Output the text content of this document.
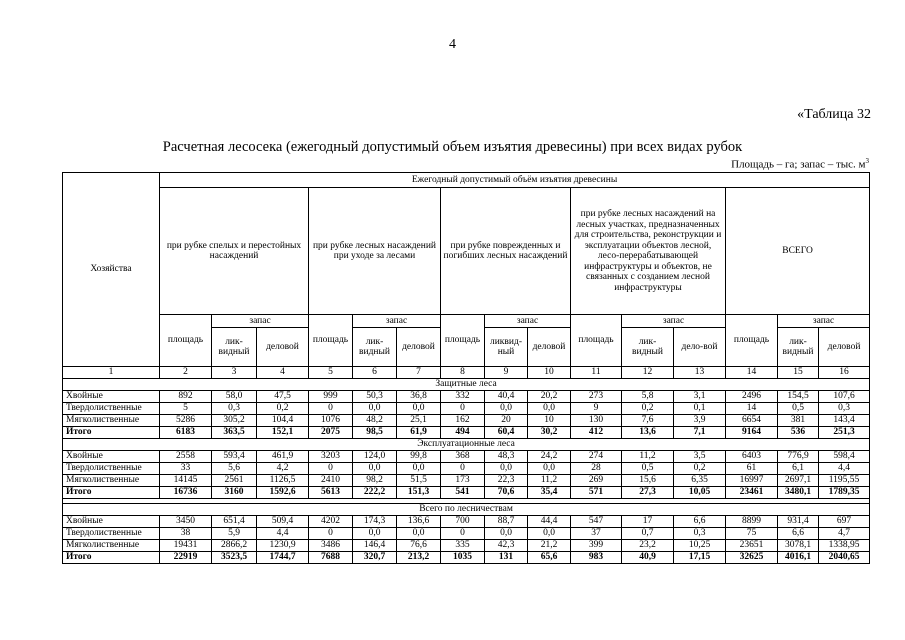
4
«Таблица 32
Расчетная лесосека (ежегодный допустимый объем изъятия древесины) при всех видах рубок
Площадь – га; запас – тыс. $м^3$
Хозяйства	Ежегодный допустимый объём изъятия древесины														
	при рубке спелых и перестойных насаждений			при рубке лесных насаждений при уходе за лесами			при рубке поврежденных и погибших лесных насаждений			при рубке лесных насаждений на лесных участках, предназначенных для строительства, реконструкции и эксплуатации объектов лесной, лесо-перерабатывающей инфраструктуры и объектов, не связанных с созданием лесной инфраструктуры			ВСЕГО		
	площадь	запас		площадь	запас		площадь	запас		площадь	запас		площадь	запас	
		лик-видный	деловой		лик-видный	деловой		ликвид-ный	деловой		лик-видный	дело-вой		лик-видный	деловой
1	2	3	4	5	6	7	8	9	10	11	12	13	14	15	16
Защитные леса															
Хвойные	892	58,0	47,5	999	50,3	36,8	332	40,4	20,2	273	5,8	3,1	2496	154,5	107,6
Твердолиственные	5	0,3	0,2	0	0,0	0,0	0	0,0	0,0	9	0,2	0,1	14	0,5	0,3
Мягколиственные	5286	305,2	104,4	1076	48,2	25,1	162	20	10	130	7,6	3,9	6654	381	143,4
Итого	6183	363,5	152,1	2075	98,5	61,9	494	60,4	30,2	412	13,6	7,1	9164	536	251,3
Эксплуатационные леса															
Хвойные	2558	593,4	461,9	3203	124,0	99,8	368	48,3	24,2	274	11,2	3,5	6403	776,9	598,4
Твердолиственные	33	5,6	4,2	0	0,0	0,0	0	0,0	0,0	28	0,5	0,2	61	6,1	4,4
Мягколиственные	14145	2561	1126,5	2410	98,2	51,5	173	22,3	11,2	269	15,6	6,35	16997	2697,1	1195,55
Итого	16736	3160	1592,6	5613	222,2	151,3	541	70,6	35,4	571	27,3	10,05	23461	3480,1	1789,35

Всего по лесничествам															
Хвойные	3450	651,4	509,4	4202	174,3	136,6	700	88,7	44,4	547	17	6,6	8899	931,4	697
Твердолиственные	38	5,9	4,4	0	0,0	0,0	0	0,0	0,0	37	0,7	0,3	75	6,6	4,7
Мягколиственные	19431	2866,2	1230,9	3486	146,4	76,6	335	42,3	21,2	399	23,2	10,25	23651	3078,1	1338,95
Итого	22919	3523,5	1744,7	7688	320,7	213,2	1035	131	65,6	983	40,9	17,15	32625	4016,1	2040,65
